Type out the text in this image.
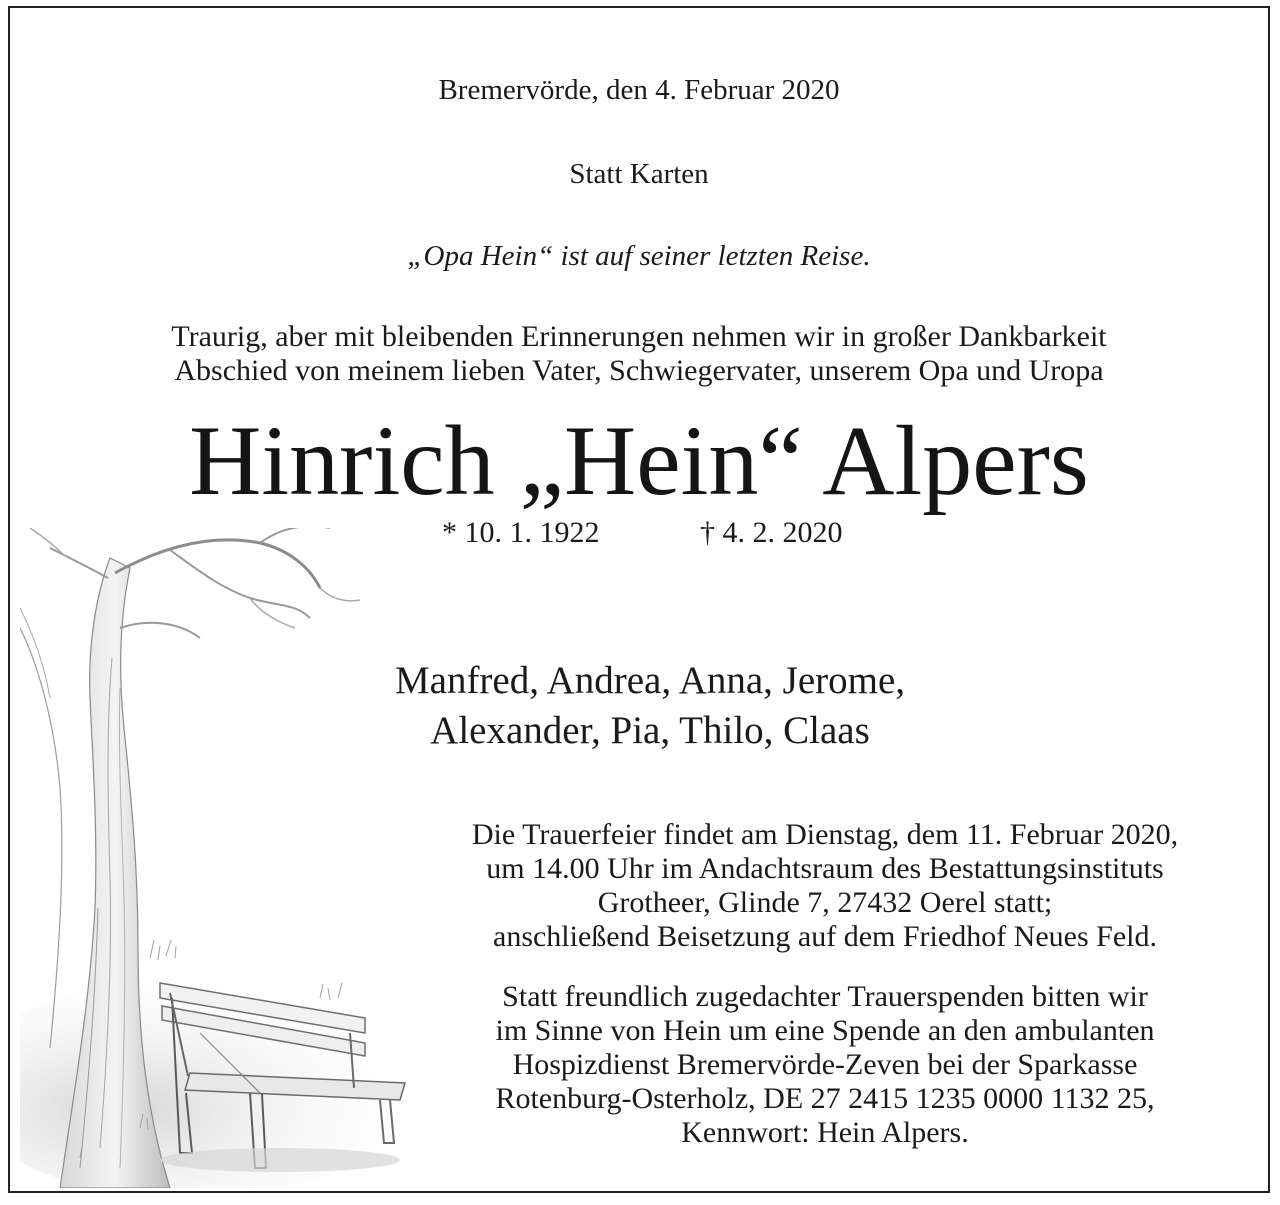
Bremervörde, den 4. Februar 2020
Statt Karten
„Opa Hein“ ist auf seiner letzten Reise.
Traurig, aber mit bleibenden Erinnerungen nehmen wir in großer Dankbarkeit
Abschied von meinem lieben Vater, Schwiegervater, unserem Opa und Uropa
Hinrich „Hein“ Alpers
* 10. 1. 1922	† 4. 2. 2020
Manfred, Andrea, Anna, Jerome,
Alexander, Pia, Thilo, Claas
Die Trauerfeier findet am Dienstag, dem 11. Februar 2020,
um 14.00 Uhr im Andachtsraum des Bestattungsinstituts
Grotheer, Glinde 7, 27432 Oerel statt;
anschließend Beisetzung auf dem Friedhof Neues Feld.
Statt freundlich zugedachter Trauerspenden bitten wir
im Sinne von Hein um eine Spende an den ambulanten
Hospizdienst Bremervörde-Zeven bei der Sparkasse
Rotenburg-Osterholz, DE 27 2415 1235 0000 1132 25,
Kennwort: Hein Alpers.
